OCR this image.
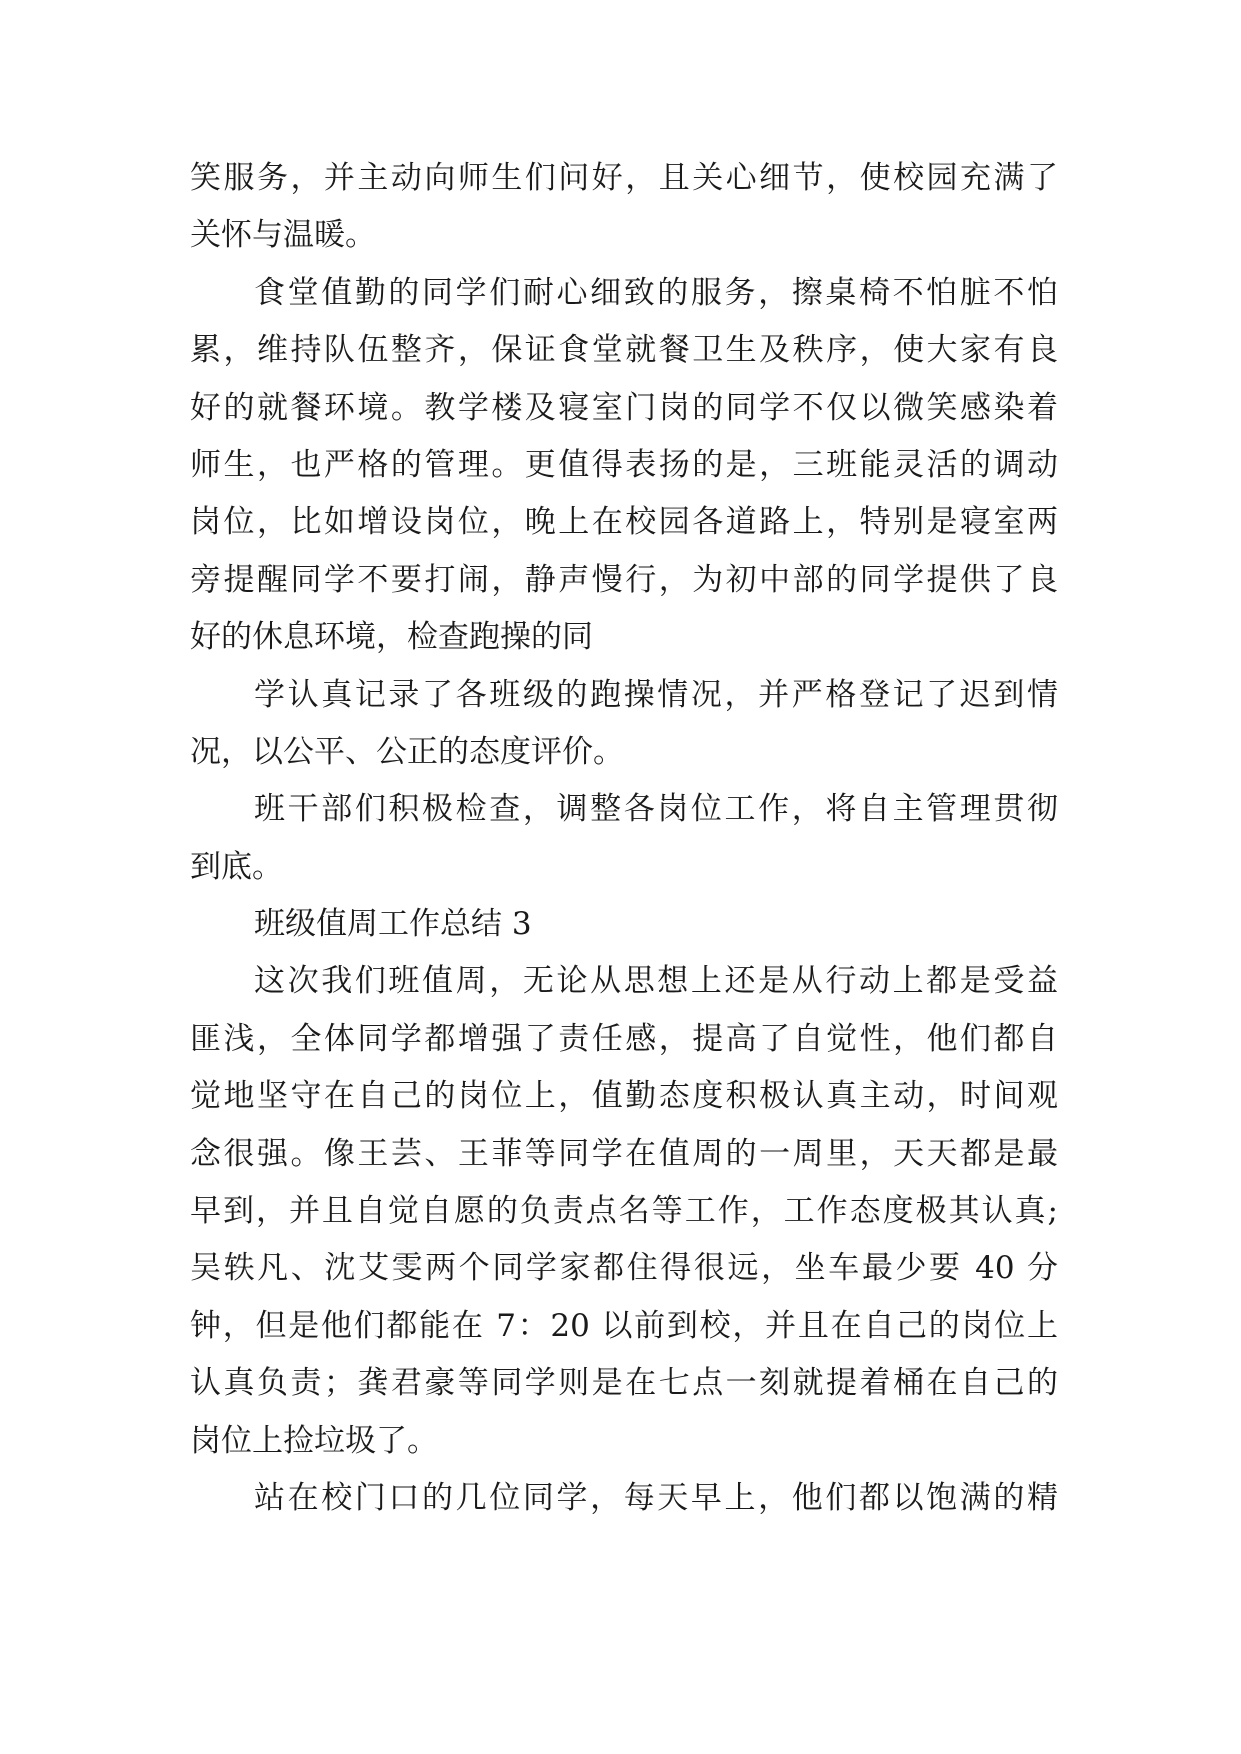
笑服务，并主动向师生们问好，且关心细节，使校园充满了
关怀与温暖。
食堂值勤的同学们耐心细致的服务，擦桌椅不怕脏不怕
累，维持队伍整齐，保证食堂就餐卫生及秩序，使大家有良
好的就餐环境。教学楼及寝室门岗的同学不仅以微笑感染着
师生，也严格的管理。更值得表扬的是，三班能灵活的调动
岗位，比如增设岗位，晚上在校园各道路上，特别是寝室两
旁提醒同学不要打闹，静声慢行，为初中部的同学提供了良
好的休息环境，检查跑操的同
学认真记录了各班级的跑操情况，并严格登记了迟到情
况，以公平、公正的态度评价。
班干部们积极检查，调整各岗位工作，将自主管理贯彻
到底。
班级值周工作总结 3
这次我们班值周，无论从思想上还是从行动上都是受益
匪浅，全体同学都增强了责任感，提高了自觉性，他们都自
觉地坚守在自己的岗位上，值勤态度积极认真主动，时间观
念很强。像王芸、王菲等同学在值周的一周里，天天都是最
早到，并且自觉自愿的负责点名等工作，工作态度极其认真;
吴轶凡、沈艾雯两个同学家都住得很远，坐车最少要 40 分
钟，但是他们都能在 7：20 以前到校，并且在自己的岗位上
认真负责；龚君豪等同学则是在七点一刻就提着桶在自己的
岗位上捡垃圾了。
站在校门口的几位同学，每天早上，他们都以饱满的精
